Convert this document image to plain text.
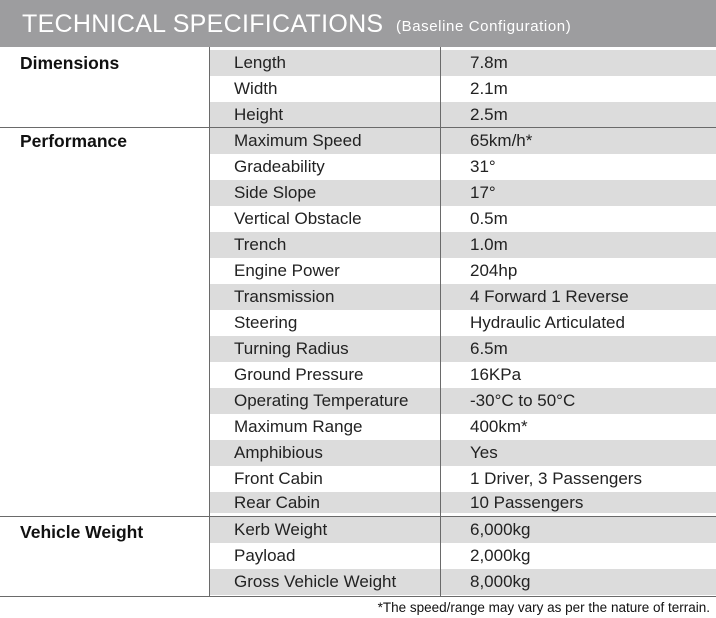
TECHNICAL SPECIFICATIONS (Baseline Configuration)
Dimensions	Length	7.8m
Width	2.1m
Height	2.5m
Performance	Maximum Speed	65km/h*
Gradeability	31°
Side Slope	17°
Vertical Obstacle	0.5m
Trench	1.0m
Engine Power	204hp
Transmission	4 Forward 1 Reverse
Steering	Hydraulic Articulated
Turning Radius	6.5m
Ground Pressure	16KPa
Operating Temperature	-30°C to 50°C
Maximum Range	400km*
Amphibious	Yes
Front Cabin	1 Driver, 3 Passengers
Rear Cabin	10 Passengers
Vehicle Weight	Kerb Weight	6,000kg
Payload	2,000kg
Gross Vehicle Weight	8,000kg
*The speed/range may vary as per the nature of terrain.
